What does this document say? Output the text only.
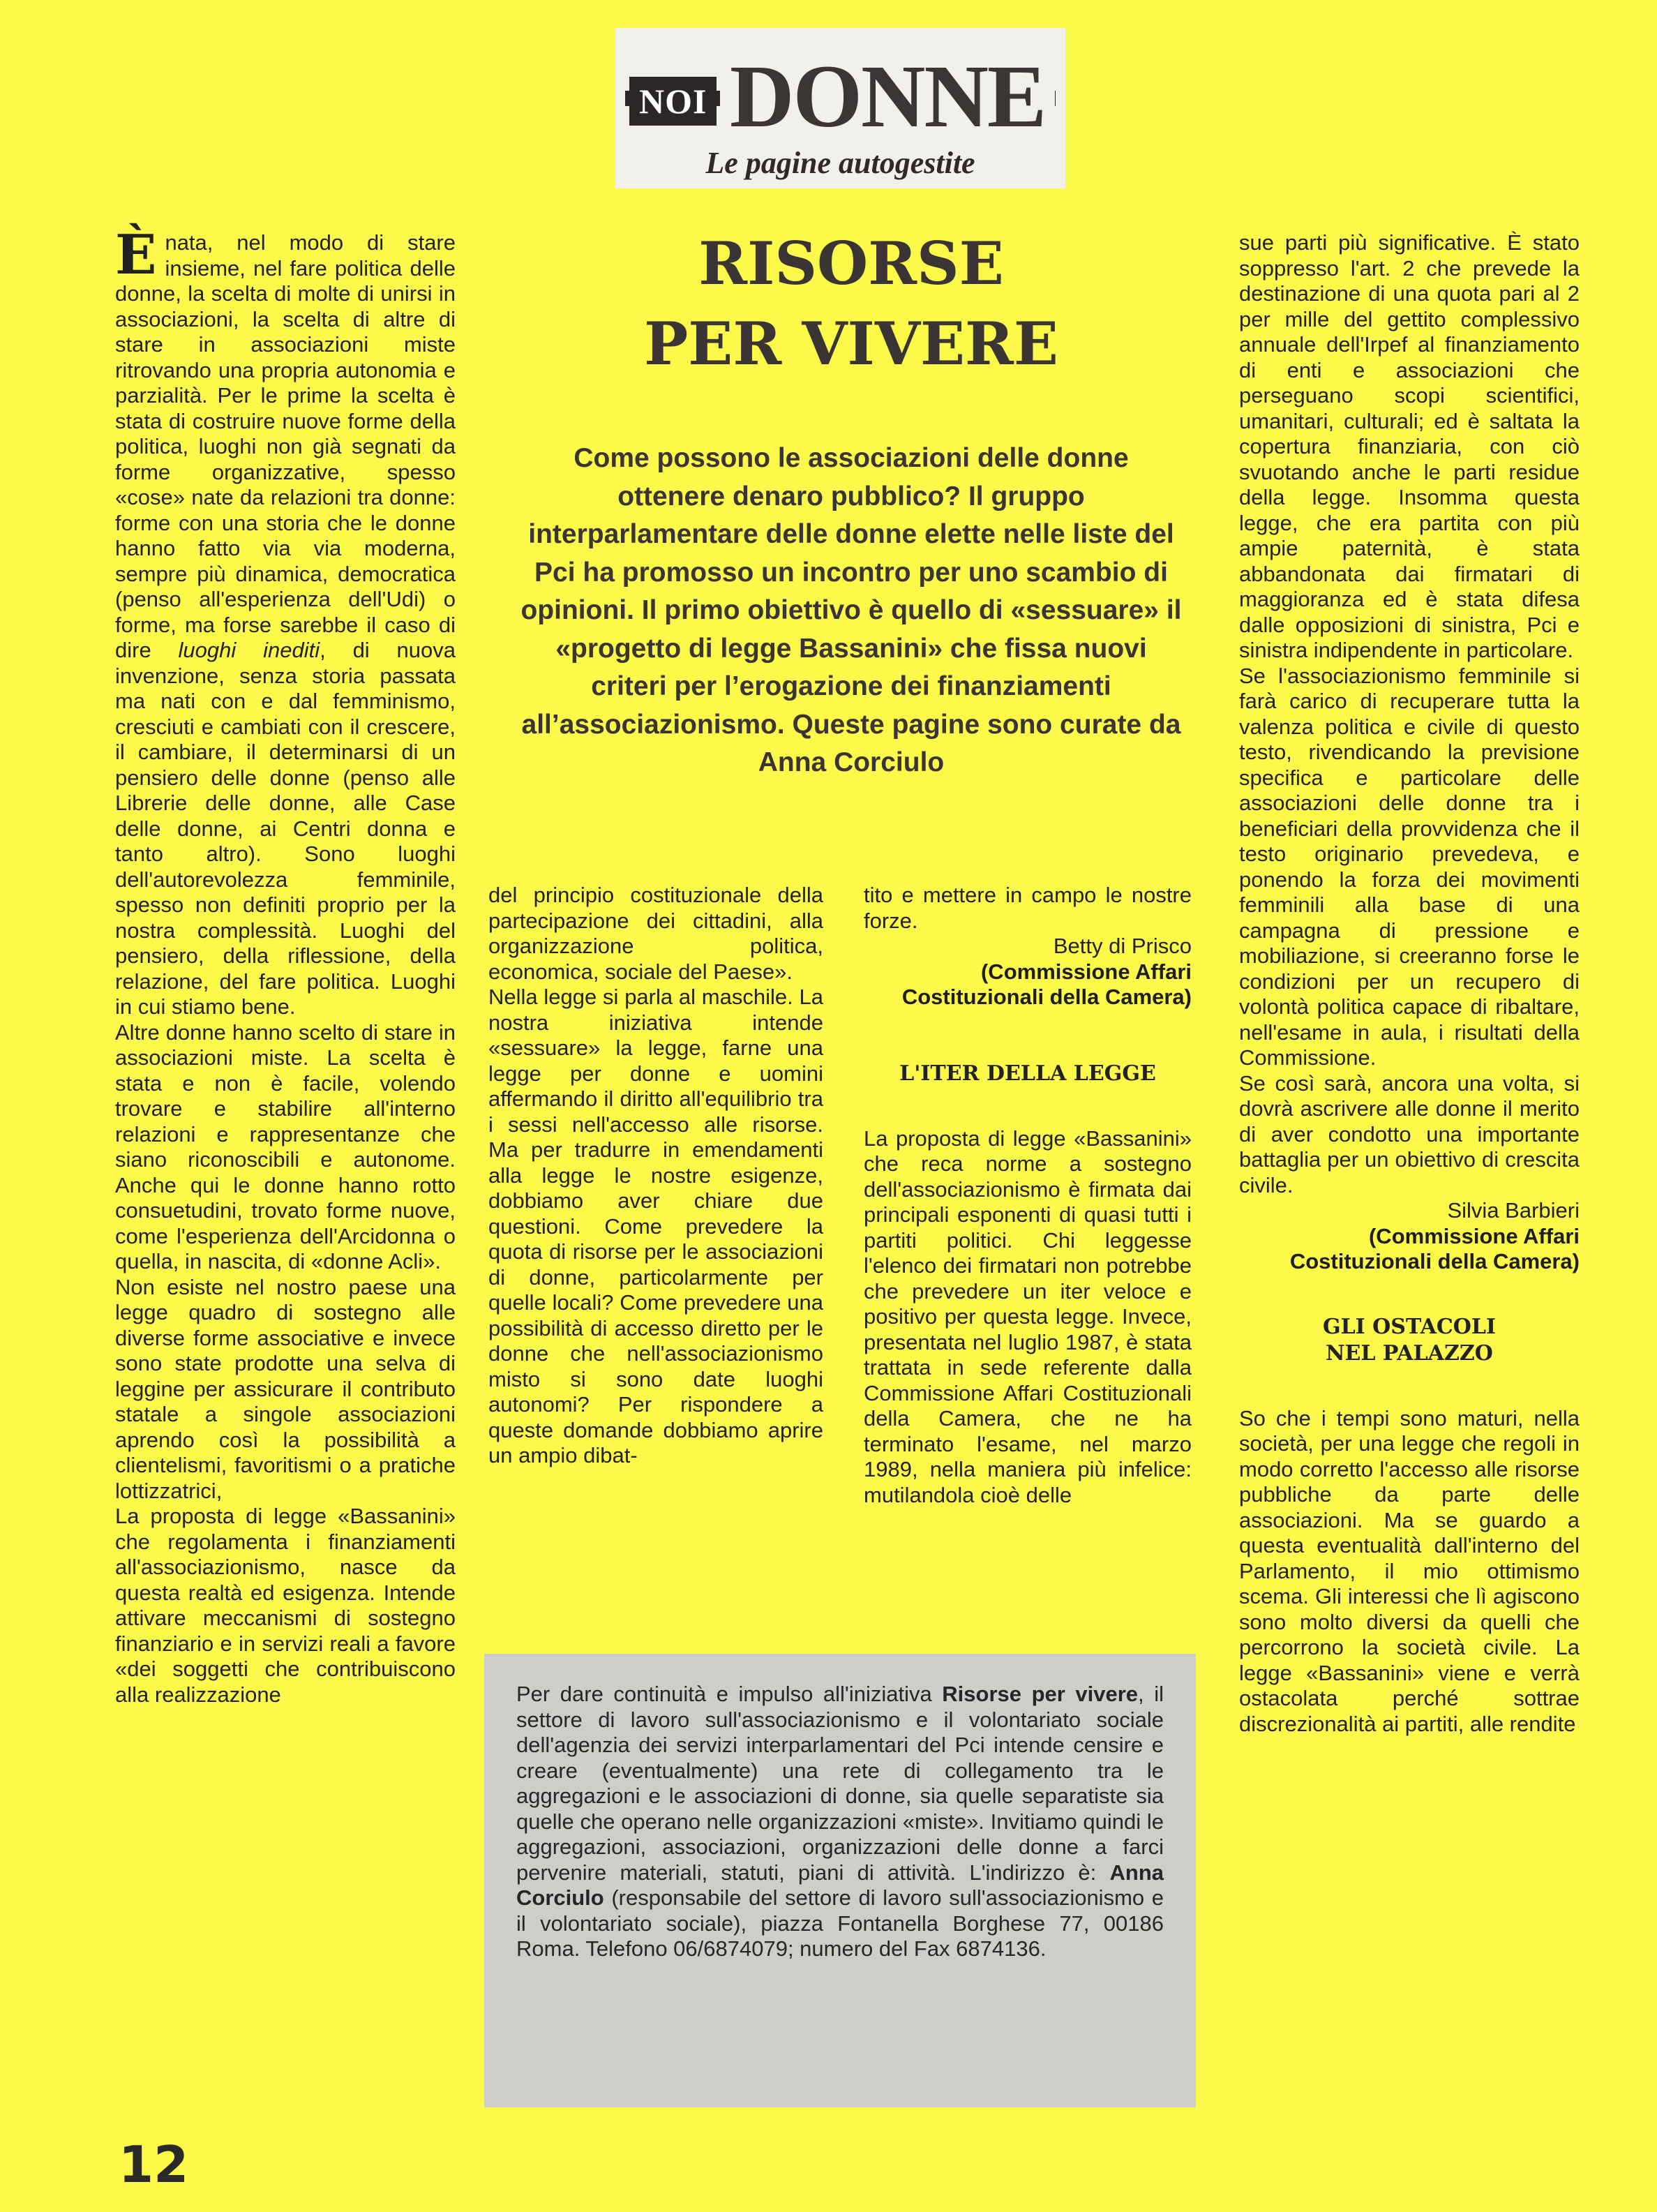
NOI DONNE
Le pagine autogestite
RISORSE
PER VIVERE
Come possono le associazioni delle donne ottenere denaro pubblico? Il gruppo interparlamentare delle donne elette nelle liste del Pci ha promosso un incontro per uno scambio di opinioni. Il primo obiettivo è quello di «sessuare» il «progetto di legge Bassanini» che fissa nuovi criteri per l’erogazione dei finanziamenti all’associazionismo. Queste pagine sono curate da Anna Corciulo

Ènata, nel modo di stare insieme, nel fare politica delle donne, la scelta di molte di unirsi in associazioni, la scelta di altre di stare in associazioni miste ritrovando una propria autonomia e parzialità. Per le prime la scelta è stata di costruire nuove forme della politica, luoghi non già segnati da forme organizzative, spesso «cose» nate da relazioni tra donne: forme con una storia che le donne hanno fatto via via moderna, sempre più dinamica, democratica (penso all'esperienza dell'Udi) o forme, ma forse sarebbe il caso di dire luoghi inediti, di nuova invenzione, senza storia passata ma nati con e dal femminismo, cresciuti e cambiati con il crescere, il cambiare, il determinarsi di un pensiero delle donne (penso alle Librerie delle donne, alle Case delle donne, ai Centri donna e tanto altro). Sono luoghi dell'autorevolezza femminile, spesso non definiti proprio per la nostra complessità. Luoghi del pensiero, della riflessione, della relazione, del fare politica. Luoghi in cui stiamo bene.

Altre donne hanno scelto di stare in associazioni miste. La scelta è stata e non è facile, volendo trovare e stabilire all'interno relazioni e rappresentanze che siano riconoscibili e autonome. Anche qui le donne hanno rotto consuetudini, trovato forme nuove, come l'esperienza dell'Arcidonna o quella, in nascita, di «donne Acli».

Non esiste nel nostro paese una legge quadro di sostegno alle diverse forme associative e invece sono state prodotte una selva di leggine per assicurare il contributo statale a singole associazioni aprendo così la possibilità a clientelismi, favoritismi o a pratiche lottizzatrici,

La proposta di legge «Bassanini» che regolamenta i finanziamenti all'associazionismo, nasce da questa realtà ed esigenza. Intende attivare meccanismi di sostegno finanziario e in servizi reali a favore «dei soggetti che contribuiscono alla realizzazione

del principio costituzionale della partecipazione dei cittadini, alla organizzazione politica, economica, sociale del Paese».

Nella legge si parla al maschile. La nostra iniziativa intende «sessuare» la legge, farne una legge per donne e uomini affermando il diritto all'equilibrio tra i sessi nell'accesso alle risorse. Ma per tradurre in emendamenti alla legge le nostre esigenze, dobbiamo aver chiare due questioni. Come prevedere la quota di risorse per le associazioni di donne, particolarmente per quelle locali? Come prevedere una possibilità di accesso diretto per le donne che nell'associazionismo misto si sono date luoghi autonomi? Per rispondere a queste domande dobbiamo aprire un ampio dibat-

tito e mettere in campo le nostre forze.

Betty di Prisco

(Commissione Affari Costituzionali della Camera)

L'ITER DELLA LEGGE

La proposta di legge «Bassanini» che reca norme a sostegno dell'associazionismo è firmata dai principali esponenti di quasi tutti i partiti politici. Chi leggesse l'elenco dei firmatari non potrebbe che prevedere un iter veloce e positivo per questa legge. Invece, presentata nel luglio 1987, è stata trattata in sede referente dalla Commissione Affari Costituzionali della Camera, che ne ha terminato l'esame, nel marzo 1989, nella maniera più infelice: mutilandola cioè delle

sue parti più significative. È stato soppresso l'art. 2 che prevede la destinazione di una quota pari al 2 per mille del gettito complessivo annuale dell'Irpef al finanziamento di enti e associazioni che perseguano scopi scientifici, umanitari, culturali; ed è saltata la copertura finanziaria, con ciò svuotando anche le parti residue della legge. Insomma questa legge, che era partita con più ampie paternità, è stata abbandonata dai firmatari di maggioranza ed è stata difesa dalle opposizioni di sinistra, Pci e sinistra indipendente in particolare.

Se l'associazionismo femminile si farà carico di recuperare tutta la valenza politica e civile di questo testo, rivendicando la previsione specifica e particolare delle associazioni delle donne tra i beneficiari della provvidenza che il testo originario prevedeva, e ponendo la forza dei movimenti femminili alla base di una campagna di pressione e mobiliazione, si creeranno forse le condizioni per un recupero di volontà politica capace di ribaltare, nell'esame in aula, i risultati della Commissione.

Se così sarà, ancora una volta, si dovrà ascrivere alle donne il merito di aver condotto una importante battaglia per un obiettivo di crescita civile.

Silvia Barbieri

(Commissione Affari Costituzionali della Camera)

GLI OSTACOLI

NEL PALAZZO

So che i tempi sono maturi, nella società, per una legge che regoli in modo corretto l'accesso alle risorse pubbliche da parte delle associazioni. Ma se guardo a questa eventualità dall'interno del Parlamento, il mio ottimismo scema. Gli interessi che lì agiscono sono molto diversi da quelli che percorrono la società civile. La legge «Bassanini» viene e verrà ostacolata perché sottrae discrezionalità ai partiti, alle rendite

Per dare continuità e impulso all'iniziativa Risorse per vivere, il settore di lavoro sull'associazionismo e il volontariato sociale dell'agenzia dei servizi interparlamentari del Pci intende censire e creare (eventualmente) una rete di collegamento tra le aggregazioni e le associazioni di donne, sia quelle separatiste sia quelle che operano nelle organizzazioni «miste». Invitiamo quindi le aggregazioni, associazioni, organizzazioni delle donne a farci pervenire materiali, statuti, piani di attività. L'indirizzo è: Anna Corciulo (responsabile del settore di lavoro sull'associazionismo e il volontariato sociale), piazza Fontanella Borghese 77, 00186 Roma. Telefono 06/6874079; numero del Fax 6874136.
12
